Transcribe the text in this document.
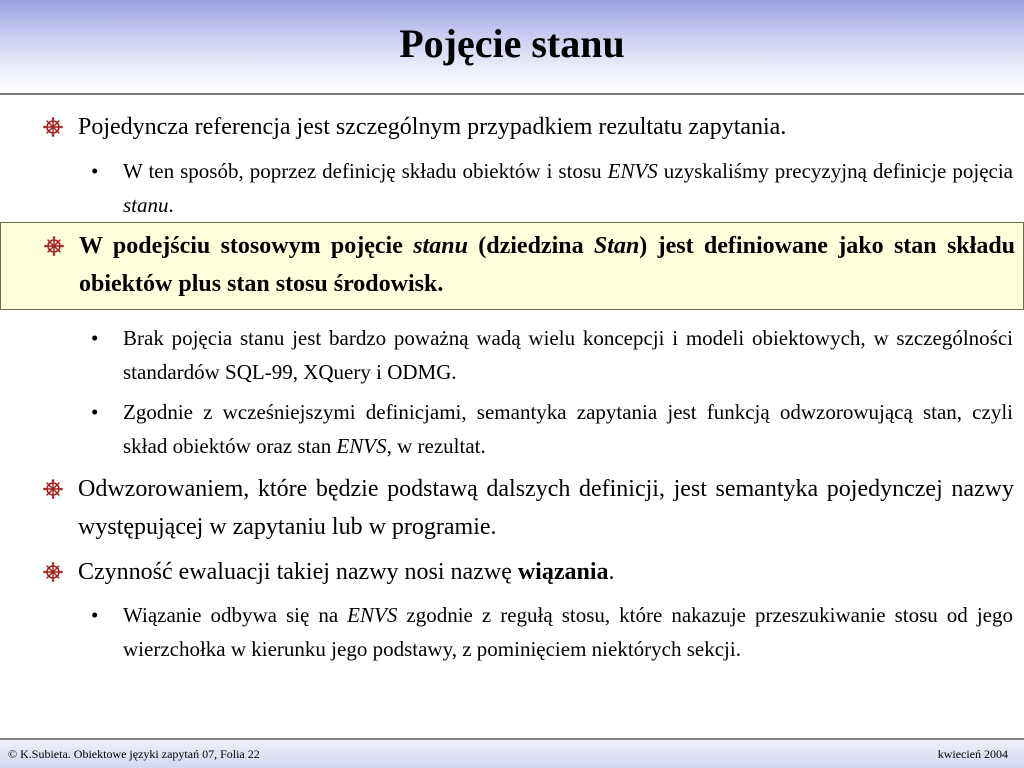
Pojęcie stanu
W podejściu stosowym pojęcie stanu (dziedzina Stan) jest definiowane jako stan składu obiektów plus stan stosu środowisk.
Pojedyncza referencja jest szczególnym przypadkiem rezultatu zapytania.
• W ten sposób, poprzez definicję składu obiektów i stosu ENVS uzyskaliśmy precyzyjną definicje pojęcia stanu.
• Brak pojęcia stanu jest bardzo poważną wadą wielu koncepcji i modeli obiektowych, w szczególności standardów SQL-99, XQuery i ODMG.
• Zgodnie z wcześniejszymi definicjami, semantyka zapytania jest funkcją odwzorowującą stan, czyli skład obiektów oraz stan ENVS, w rezultat.
Odwzorowaniem, które będzie podstawą dalszych definicji, jest semantyka pojedynczej nazwy występującej w zapytaniu lub w programie.
Czynność ewaluacji takiej nazwy nosi nazwę wiązania.
• Wiązanie odbywa się na ENVS zgodnie z regułą stosu, które nakazuje przeszukiwanie stosu od jego wierzchołka w kierunku jego podstawy, z pominięciem niektórych sekcji.
© K.Subieta. Obiektowe języki zapytań 07, Folia 22	kwiecień 2004
